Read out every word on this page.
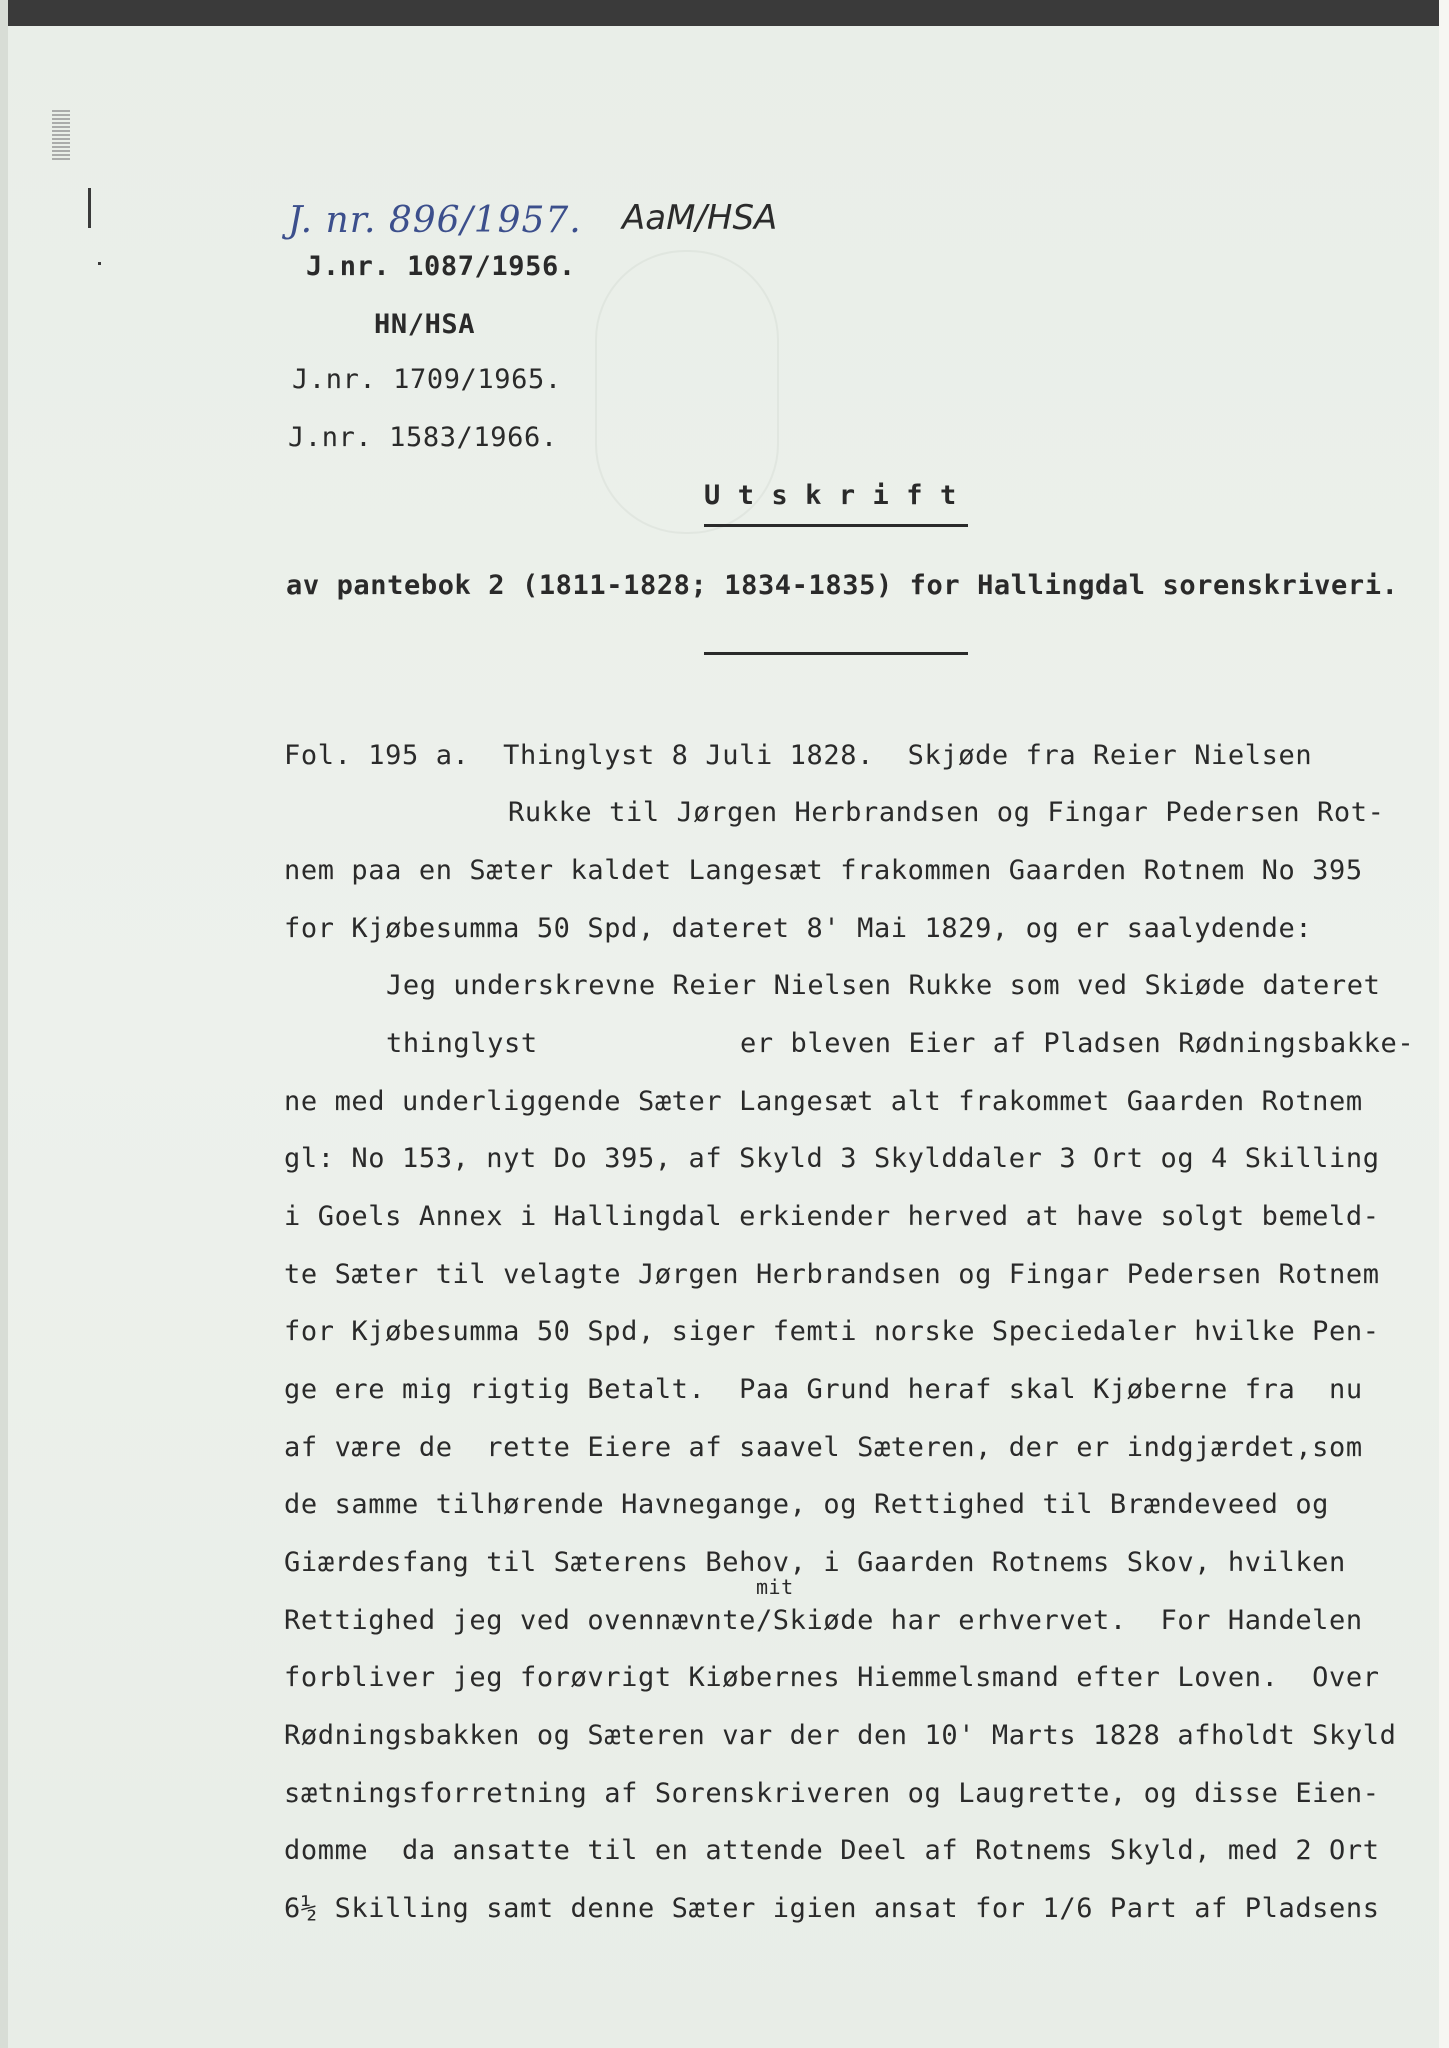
J. nr. 896/1957. AaM/HSA
J.nr. 1087/1956.
HN/HSA
J.nr. 1709/1965.
J.nr. 1583/1966.
U t s k r i f t
av pantebok 2 (1811-1828; 1834-1835) for Hallingdal sorenskriveri.
mit
Fol. 195 a.  Thinglyst 8 Juli 1828.  Skjøde fra Reier Nielsen
Rukke til Jørgen Herbrandsen og Fingar Pedersen Rot-
nem paa en Sæter kaldet Langesæt frakommen Gaarden Rotnem No 395
for Kjøbesumma 50 Spd, dateret 8' Mai 1829, og er saalydende:
Jeg underskrevne Reier Nielsen Rukke som ved Skiøde dateret
thinglyst            er bleven Eier af Pladsen Rødningsbakke-
ne med underliggende Sæter Langesæt alt frakommet Gaarden Rotnem
gl: No 153, nyt Do 395, af Skyld 3 Skylddaler 3 Ort og 4 Skilling
i Goels Annex i Hallingdal erkiender herved at have solgt bemeld-
te Sæter til velagte Jørgen Herbrandsen og Fingar Pedersen Rotnem
for Kjøbesumma 50 Spd, siger femti norske Speciedaler hvilke Pen-
ge ere mig rigtig Betalt.  Paa Grund heraf skal Kjøberne fra  nu
af være de  rette Eiere af saavel Sæteren, der er indgjærdet,som
de samme tilhørende Havnegange, og Rettighed til Brændeveed og
Giærdesfang til Sæterens Behov, i Gaarden Rotnems Skov, hvilken
Rettighed jeg ved ovennævnte/Skiøde har erhvervet.  For Handelen
forbliver jeg forøvrigt Kiøbernes Hiemmelsmand efter Loven.  Over
Rødningsbakken og Sæteren var der den 10' Marts 1828 afholdt Skyld
sætningsforretning af Sorenskriveren og Laugrette, og disse Eien-
domme  da ansatte til en attende Deel af Rotnems Skyld, med 2 Ort
6½ Skilling samt denne Sæter igien ansat for 1/6 Part af Pladsens
